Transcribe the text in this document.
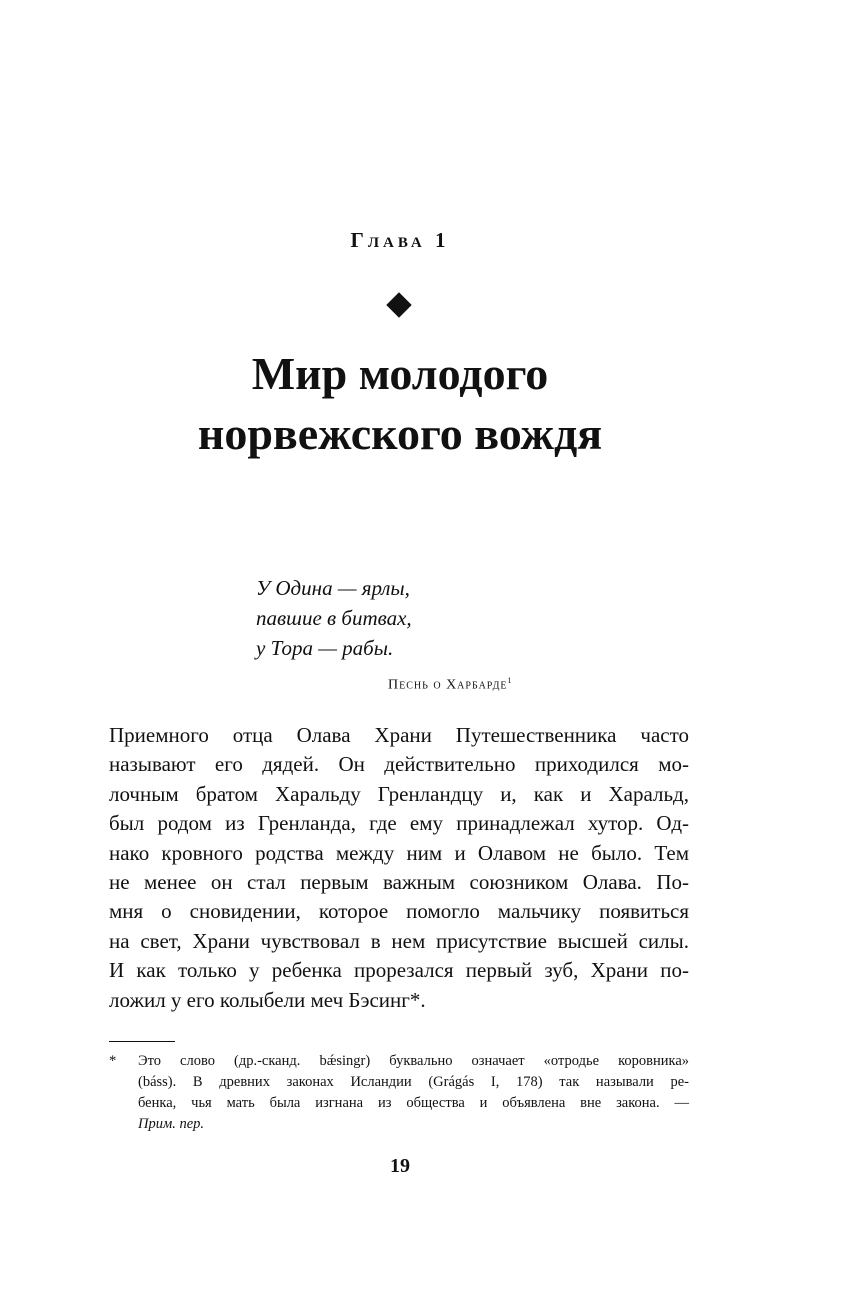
Глава 1
Мир молодого
норвежского вождя
У Одина — ярлы,
павшие в битвах,
у Тора — рабы.
Песнь о Харбарде$^1$
Приемного отца Олава Храни Путешественника часто
называют его дядей. Он действительно приходился мо-
лочным братом Харальду Гренландцу и, как и Харальд,
был родом из Гренланда, где ему принадлежал хутор. Од-
нако кровного родства между ним и Олавом не было. Тем
не менее он стал первым важным союзником Олава. По-
мня о сновидении, которое помогло мальчику появиться
на свет, Храни чувствовал в нем присутствие высшей силы.
И как только у ребенка прорезался первый зуб, Храни по-
ложил у его колыбели меч Бэсинг*.
* Это слово (др.-сканд. bǽsingr) буквально означает «отродье коровника»
(báss). В древних законах Исландии (Grágás I, 178) так называли ре-
бенка, чья мать была изгнана из общества и объявлена вне закона. —
Прим. пер.
19
